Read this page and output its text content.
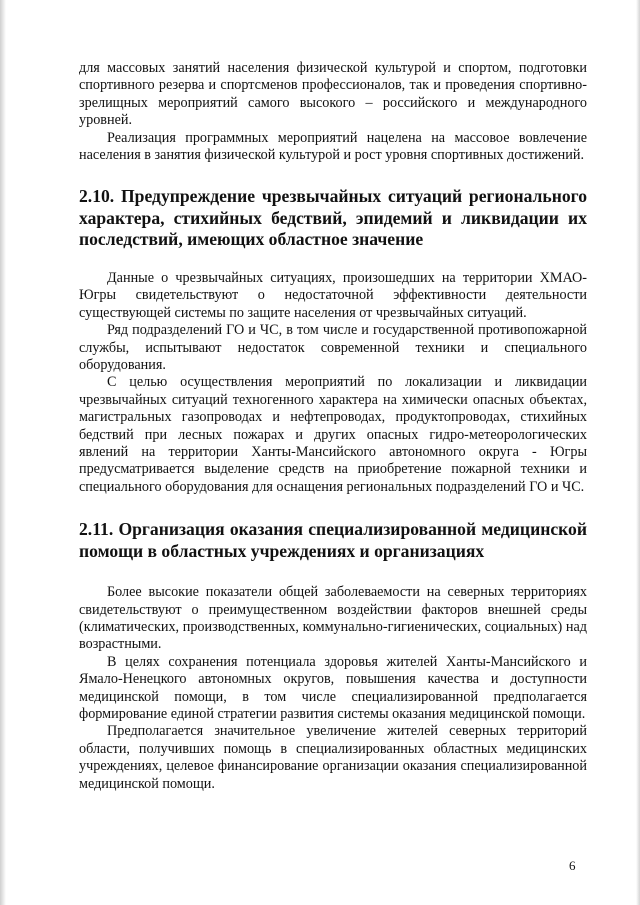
для массовых занятий населения физической культурой и спортом, подготовки спортивного резерва и спортсменов профессионалов, так и проведения спортивно-зрелищных мероприятий самого высокого – российского и международного уровней.

Реализация программных мероприятий нацелена на массовое вовлечение населения в занятия физической культурой и рост уровня спортивных достижений.

2.10. Предупреждение чрезвычайных ситуаций регионального характера, стихийных бедствий, эпидемий и ликвидации их последствий, имеющих областное значение

Данные о чрезвычайных ситуациях, произошедших на территории ХМАО-Югры свидетельствуют о недостаточной эффективности деятельности существующей системы по защите населения от чрезвычайных ситуаций.

Ряд подразделений ГО и ЧС, в том числе и государственной противопожарной службы, испытывают недостаток современной техники и специального оборудования.

С целью осуществления мероприятий по локализации и ликвидации чрезвычайных ситуаций техногенного характера на химически опасных объектах, магистральных газопроводах и нефтепроводах, продуктопроводах, стихийных бедствий при лесных пожарах и других опасных гидро-метеорологических явлений на территории Ханты-Мансийского автономного округа - Югры предусматривается выделение средств на приобретение пожарной техники и специального оборудования для оснащения региональных подразделений ГО и ЧС.

2.11. Организация оказания специализированной медицинской помощи в областных учреждениях и организациях

Более высокие показатели общей заболеваемости на северных территориях свидетельствуют о преимущественном воздействии факторов внешней среды (климатических, производственных, коммунально-гигиенических, социальных) над возрастными.

В целях сохранения потенциала здоровья жителей Ханты-Мансийского и Ямало-Ненецкого автономных округов, повышения качества и доступности медицинской помощи, в том числе специализированной предполагается формирование единой стратегии развития системы оказания медицинской помощи.

Предполагается значительное увеличение жителей северных территорий области, получивших помощь в специализированных областных медицинских учреждениях, целевое финансирование организации оказания специализированной медицинской помощи.

6
